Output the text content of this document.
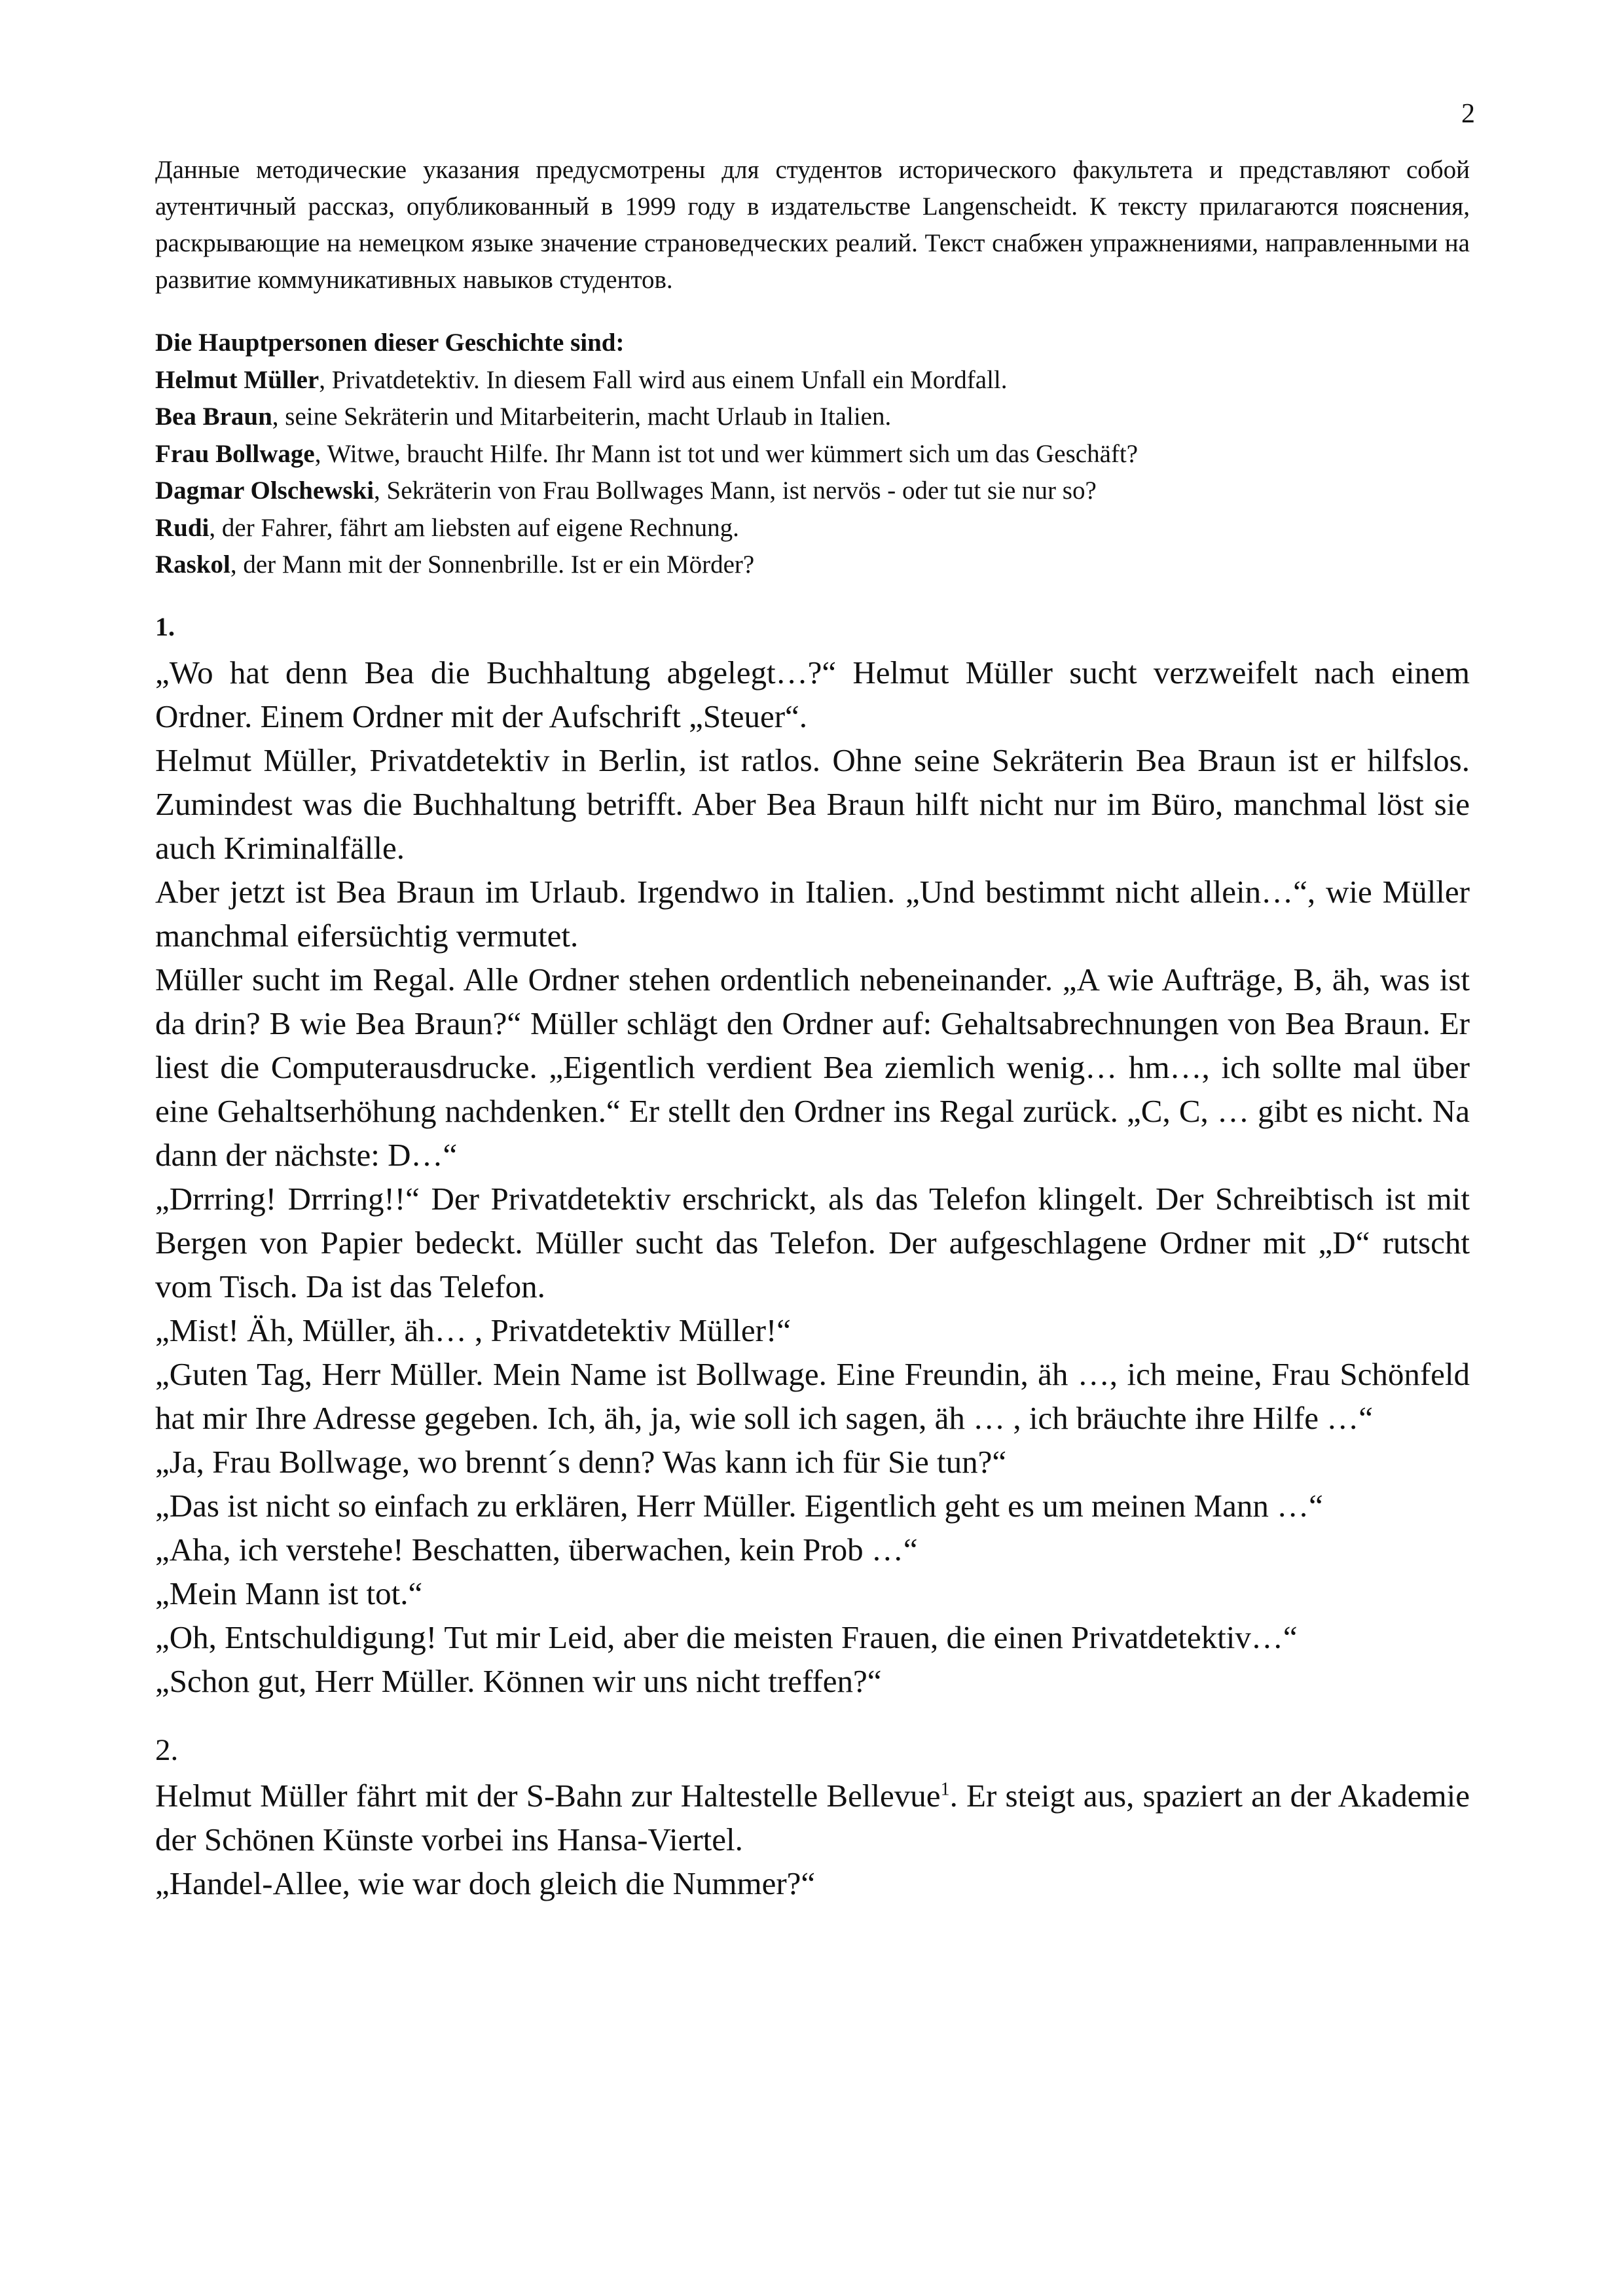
2

Данные методические указания предусмотрены для студентов исторического факультета и представляют собой аутентичный рассказ, опубликованный в 1999 году в издательстве Langenscheidt. К тексту прилагаются пояснения, раскрывающие на немецком языке значение страноведческих реалий. Текст снабжен упражнениями, направленными на развитие коммуникативных навыков студентов.

Die Hauptpersonen dieser Geschichte sind:

Helmut Müller, Privatdetektiv. In diesem Fall wird aus einem Unfall ein Mordfall.

Bea Braun, seine Sekräterin und Mitarbeiterin, macht Urlaub in Italien.

Frau Bollwage, Witwe, braucht Hilfe. Ihr Mann ist tot und wer kümmert sich um das Geschäft?

Dagmar Olschewski, Sekräterin von Frau Bollwages Mann, ist nervös - oder tut sie nur so?

Rudi, der Fahrer, fährt am liebsten auf eigene Rechnung.

Raskol, der Mann mit der Sonnenbrille. Ist er ein Mörder?

1.

„Wo hat denn Bea die Buchhaltung abgelegt…?“ Helmut Müller sucht verzweifelt nach einem Ordner. Einem Ordner mit der Aufschrift „Steuer“.

Helmut Müller, Privatdetektiv in Berlin, ist ratlos. Ohne seine Sekräterin Bea Braun ist er hilfslos. Zumindest was die Buchhaltung betrifft. Aber Bea Braun hilft nicht nur im Büro, manchmal löst sie auch Kriminalfälle.

Aber jetzt ist Bea Braun im Urlaub. Irgendwo in Italien. „Und bestimmt nicht allein…“, wie Müller manchmal eifersüchtig vermutet.

Müller sucht im Regal. Alle Ordner stehen ordentlich nebeneinander. „A wie Aufträge, B, äh, was ist da drin? B wie Bea Braun?“ Müller schlägt den Ordner auf: Gehaltsabrechnungen von Bea Braun. Er liest die Computerausdrucke. „Eigentlich verdient Bea ziemlich wenig… hm…, ich sollte mal über eine Gehaltserhöhung nachdenken.“ Er stellt den Ordner ins Regal zurück. „C, C, … gibt es nicht. Na dann der nächste: D…“

„Drrring! Drrring!!“ Der Privatdetektiv erschrickt, als das Telefon klingelt. Der Schreibtisch ist mit Bergen von Papier bedeckt. Müller sucht das Telefon. Der aufgeschlagene Ordner mit „D“ rutscht vom Tisch. Da ist das Telefon.

„Mist! Äh, Müller, äh… , Privatdetektiv Müller!“

„Guten Tag, Herr Müller. Mein Name ist Bollwage. Eine Freundin, äh …, ich meine, Frau Schönfeld hat mir Ihre Adresse gegeben. Ich, äh, ja, wie soll ich sagen, äh … , ich bräuchte ihre Hilfe …“

„Ja, Frau Bollwage, wo brennt´s denn? Was kann ich für Sie tun?“

„Das ist nicht so einfach zu erklären, Herr Müller. Eigentlich geht es um meinen Mann …“

„Aha, ich verstehe! Beschatten, überwachen, kein Prob …“

„Mein Mann ist tot.“

„Oh, Entschuldigung! Tut mir Leid, aber die meisten Frauen, die einen Privatdetektiv…“

„Schon gut, Herr Müller. Können wir uns nicht treffen?“

2.

Helmut Müller fährt mit der S-Bahn zur Haltestelle Bellevue$^1$. Er steigt aus, spaziert an der Akademie der Schönen Künste vorbei ins Hansa-Viertel.

„Handel-Allee, wie war doch gleich die Nummer?“
